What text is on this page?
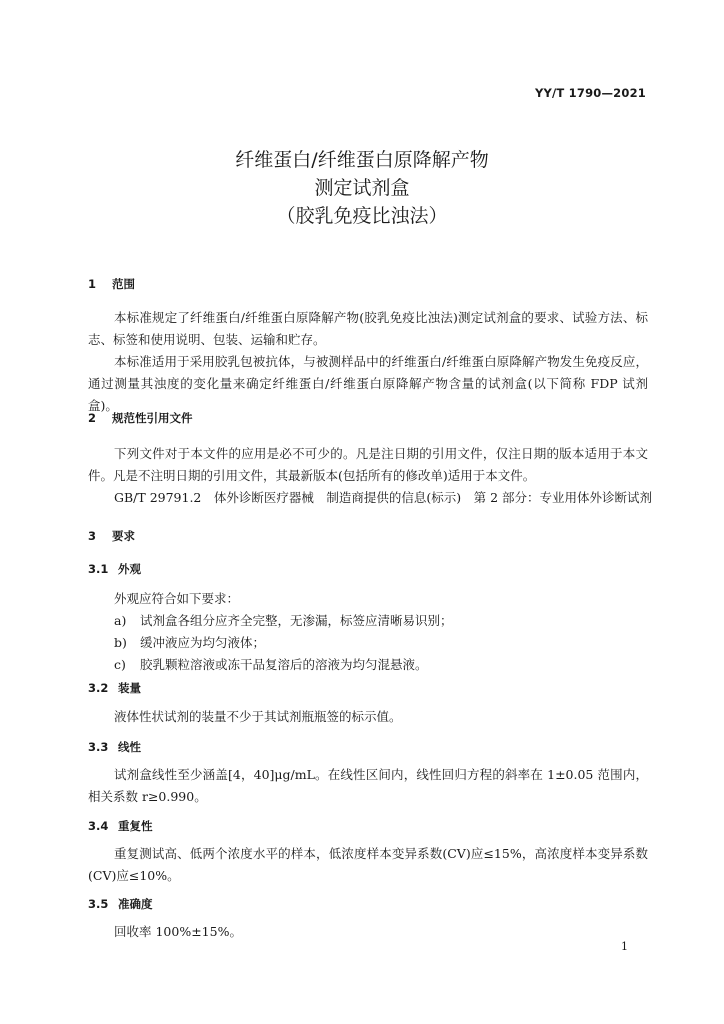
YY/T 1790—2021
纤维蛋白/纤维蛋白原降解产物
测定试剂盒
（胶乳免疫比浊法）
1 范围
本标准规定了纤维蛋白/纤维蛋白原降解产物(胶乳免疫比浊法)测定试剂盒的要求、试验方法、标志、标签和使用说明、包装、运输和贮存。
本标准适用于采用胶乳包被抗体，与被测样品中的纤维蛋白/纤维蛋白原降解产物发生免疫反应，通过测量其浊度的变化量来确定纤维蛋白/纤维蛋白原降解产物含量的试剂盒(以下简称 FDP 试剂盒)。
2 规范性引用文件
下列文件对于本文件的应用是必不可少的。凡是注日期的引用文件，仅注日期的版本适用于本文件。凡是不注明日期的引用文件，其最新版本(包括所有的修改单)适用于本文件。
GB/T 29791.2　体外诊断医疗器械　制造商提供的信息(标示)　第 2 部分：专业用体外诊断试剂
3 要求
3.1 外观
外观应符合如下要求：
a) 试剂盒各组分应齐全完整，无渗漏，标签应清晰易识别；
b) 缓冲液应为均匀液体；
c) 胶乳颗粒溶液或冻干品复溶后的溶液为均匀混悬液。
3.2 装量
液体性状试剂的装量不少于其试剂瓶瓶签的标示值。
3.3 线性
试剂盒线性至少涵盖[4，40]μg/mL。在线性区间内，线性回归方程的斜率在 1±0.05 范围内，相关系数 r≥0.990。
3.4 重复性
重复测试高、低两个浓度水平的样本，低浓度样本变异系数(CV)应≤15%，高浓度样本变异系数(CV)应≤10%。
3.5 准确度
回收率 100%±15%。
1
